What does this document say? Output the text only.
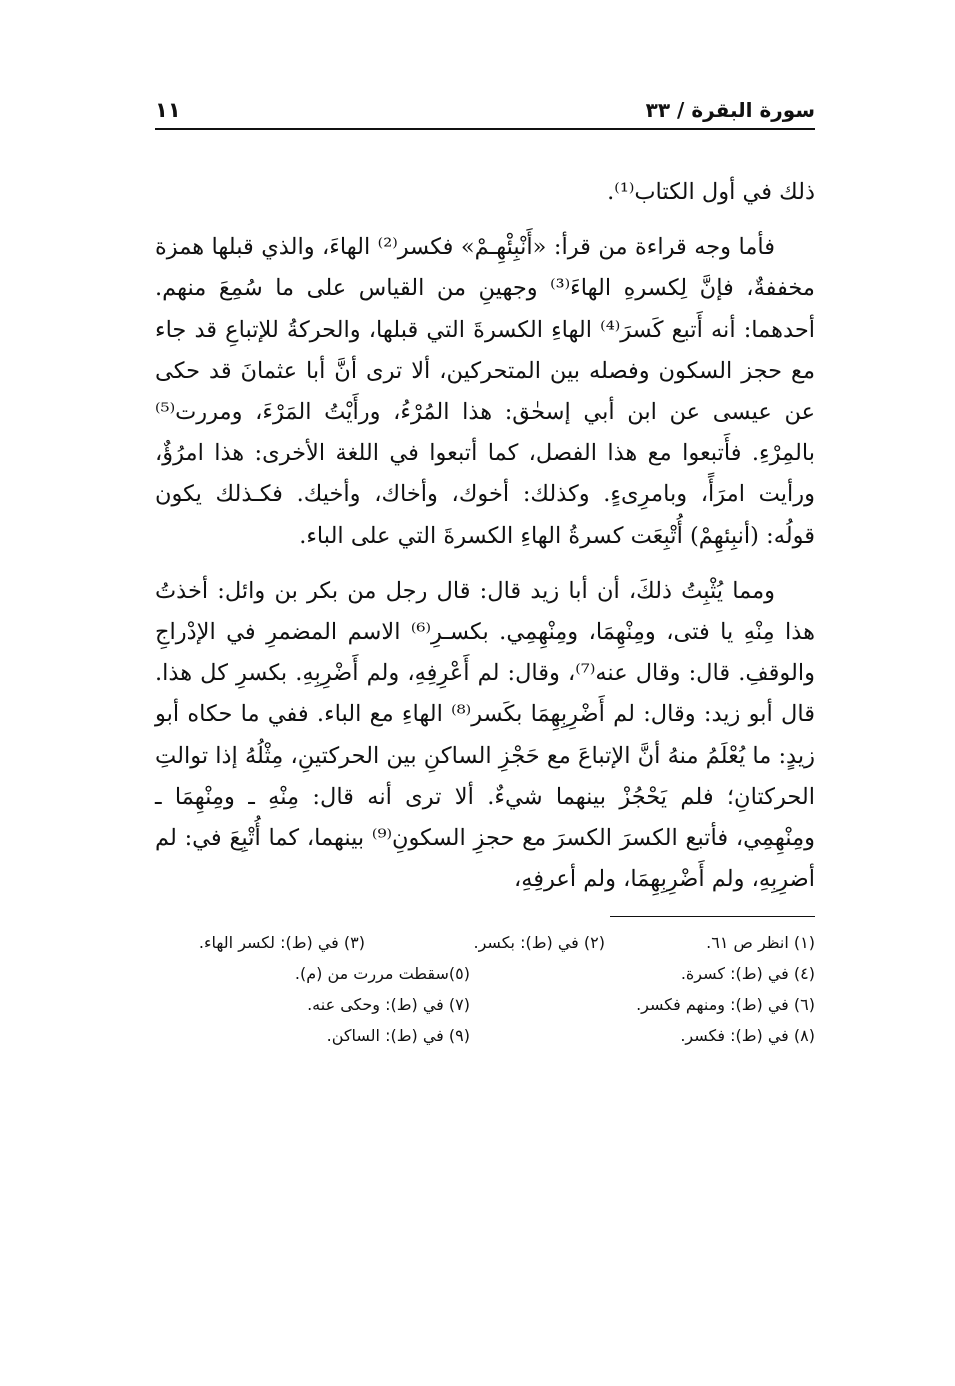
سورة البقرة / ٣٣
١١

ذلك في أول الكتاب⁽¹⁾.

فأما وجه قراءة من قرأ: «أَنْبِئْهِـمْ» فكسر⁽²⁾ الهاءَ، والذي قبلها همزة مخففةٌ، فإنَّ لِكسرهِ الهاءَ⁽³⁾ وجهينِ من القياس على ما سُمِعَ منهم. أحدهما: أنه أَتبع كَسرَ⁽⁴⁾ الهاءِ الكسرةَ التي قبلها، والحركةُ للإتباعِ قد جاء مع حجز السكون وفصله بين المتحركين، ألا ترى أنَّ أبا عثمانَ قد حكى عن عيسى عن ابن أبي إسحٰق: هذا المُرْءُ، ورأَيْتُ المَرْءَ، ومررت⁽⁵⁾ بالمِرْءِ. فأَتبعوا مع هذا الفصل، كما أتبعوا في اللغة الأخرى: هذا امرُؤٌ، ورأيت امرَأً، وبامرِىءٍ. وكذلك: أخوك، وأخاك، وأخيك. فكـذلك يكون قولُه: (أنبِئهِمْ) أُتْبِعَت كسرةُ الهاءِ الكسرةَ التي على الباء.

ومما يُثْبِتُ ذلكَ، أن أبا زيد قال: قال رجل من بكر بن وائل: أخذتُ هذا مِنْهِ يا فتى، ومِنْهِمَا، ومِنْهِمِي. بكسـرِ⁽⁶⁾ الاسم المضمرِ في الإدْراجِ والوقفِ. قال: وقال عنه⁽⁷⁾، وقال: لم أَعْرِفِهِ، ولم أَضْرِبِهِ. بكسرِ كل هذا. قال أبو زيد: وقال: لم أَضْرِبِهِمَا بكَسر⁽⁸⁾ الهاءِ مع الباء. ففي ما حكاه أبو زيدٍ: ما يُعْلَمُ منهُ أنَّ الإتباعَ مع حَجْزِ الساكنِ بين الحركتينِ، مِثْلُهُ إذا توالتِ الحركتانِ؛ فلم يَحْجُزْ بينهما شيءٌ. ألا ترى أنه قال: مِنْهِ ـ ومِنْهِمَا ـ ومِنْهِمِي، فأتبع الكسرَ الكسرَ مع حجزِ السكونِ⁽⁹⁾ بينهما، كما أُتْبِعَ في: لم أضرِبِهِ، ولم أَضْرِبِهِمَا، ولم أعرفِهِ،

(١) انظر ص ٦١.
(٢) في (ط): بكسر.
(٣) في (ط): لكسر الهاء.
(٤) في (ط): كسرة.
(٥)سقطت مررت من (م).
(٦) في (ط): ومنهم فكسر.
(٧) في (ط): وحكى عنه.
(٨) في (ط): فكسر.
(٩) في (ط): الساكن.
